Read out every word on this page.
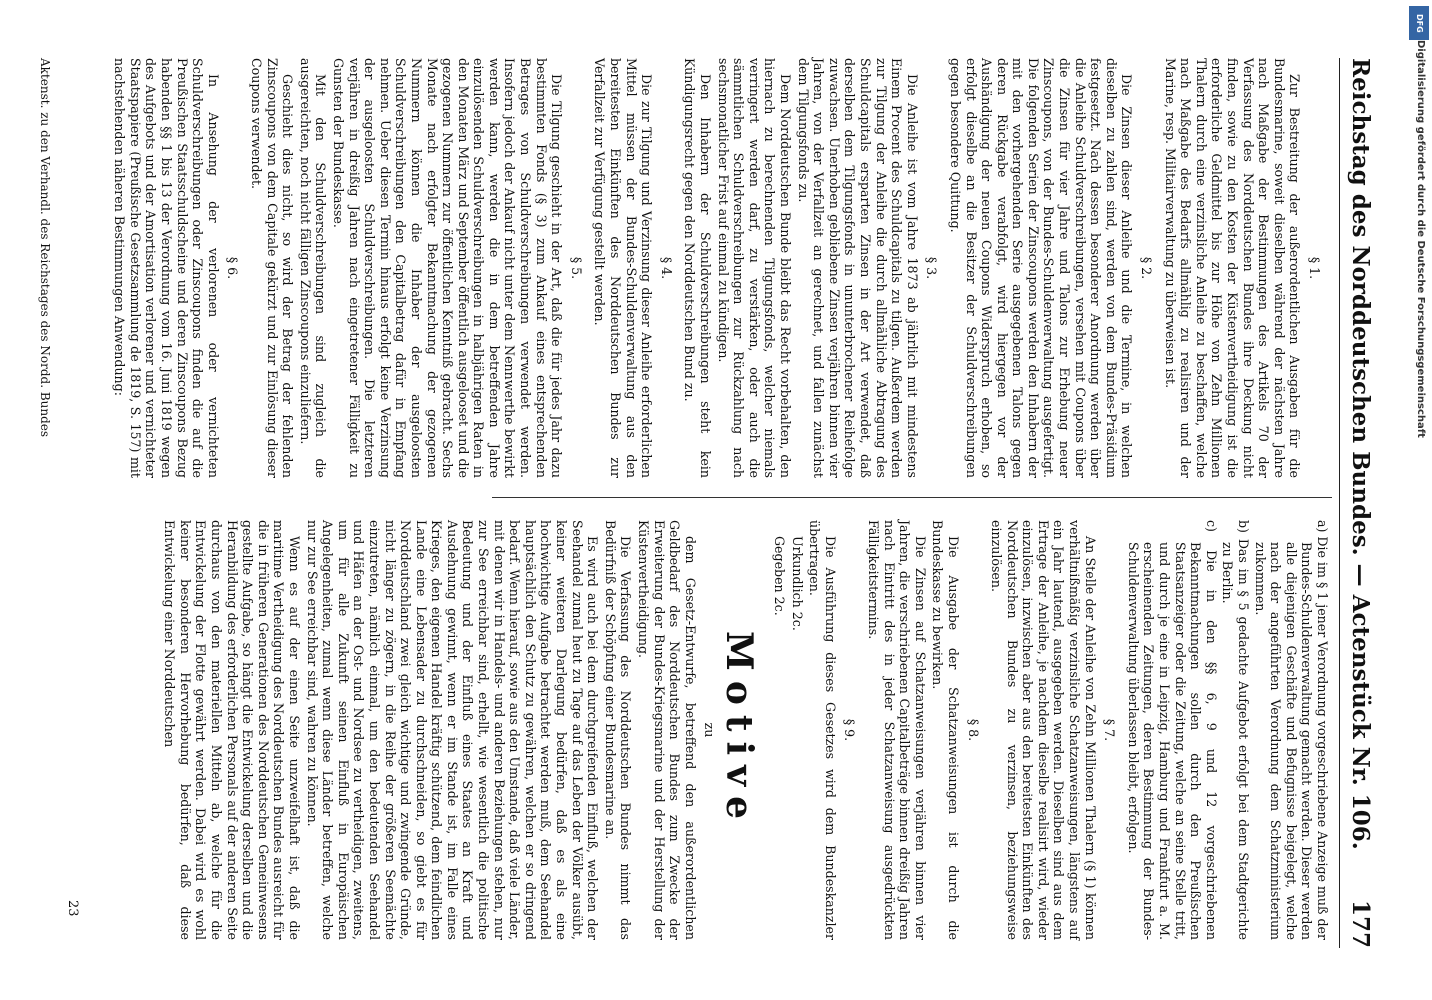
Reichstag des Norddeutschen Bundes. — Actenstück Nr. 106.
177
§ 1.
Zur Bestreitung der außerordentlichen Ausgaben für die Bundesmarine, soweit dieselben während der nächsten Jahre nach Maßgabe der Bestimmungen des Artikels 70 der Verfassung des Norddeutschen Bundes ihre Deckung nicht finden, sowie zu den Kosten der Küstenvertheidigung ist die erforderliche Geldmittel bis zur Höhe von Zehn Millionen Thalern durch eine verzinsliche Anleihe zu beschaffen, welche nach Maßgabe des Bedarfs allmählig zu realisiren und der Marine, resp. Militairverwaltung zu überweisen ist.
§ 2.
Die Zinsen dieser Anleihe und die Termine, in welchen dieselben zu zahlen sind, werden von dem Bundes-Präsidium festgesetzt. Nach dessen besonderer Anordnung werden über die Anleihe Schuldverschreibungen, versehen mit Coupons über die Zinsen für vier Jahre und Talons zur Erhebung neuer Zinscoupons, von der Bundes-Schuldenverwaltung ausgefertigt. Die folgenden Serien der Zinscoupons werden den Inhabern der mit den vorhergehenden Serie ausgegebenen Talons gegen deren Rückgabe verabfolgt, wird hiergegen vor der Aushändigung der neuen Coupons Widerspruch erhoben, so erfolgt dieselbe an die Besitzer der Schuldverschreibungen gegen besondere Quittung.
§ 3.
Die Anleihe ist vom Jahre 1873 ab jährlich mit mindestens Einem Procent des Schuldcapitals zu tilgen. Außerdem werden zur Tilgung der Anleihe die durch allmähliche Abtragung des Schuldcapitals ersparten Zinsen in der Art verwendet, daß derselben dem Tilgungsfonds in ununterbrochener Reihefolge zuwachsen. Unerhoben gebliebene Zinsen verjähren binnen vier Jahren, von der Verfallzeit an gerechnet, und fallen zunächst dem Tilgungsfonds zu.
Dem Norddeutschen Bunde bleibt das Recht vorbehalten, den hiernach zu berechnenden Tilgungsfonds, welcher niemals verringert werden darf, zu verstärken, oder auch die sämmtlichen Schuldverschreibungen zur Rückzahlung nach sechsmonatlicher Frist auf einmal zu kündigen.
Den Inhabern der Schuldverschreibungen steht kein Kündigungsrecht gegen den Norddeutschen Bund zu.
§ 4.
Die zur Tilgung und Verzinsung dieser Anleihe erforderlichen Mittel müssen der Bundes-Schuldenverwaltung aus den bereitesten Einkünften des Norddeutschen Bundes zur Verfallzeit zur Verfügung gestellt werden.
§ 5.
Die Tilgung geschieht in der Art, daß die für jedes Jahr dazu bestimmten Fonds (§ 3) zum Ankauf eines entsprechenden Betrages von Schuldverschreibungen verwendet werden. Insofern jedoch der Ankauf nicht unter dem Nennwerthe bewirkt werden kann, werden die in dem betreffenden Jahre einzulösenden Schuldverschreibungen in halbjährigen Raten in den Monaten März und September öffentlich ausgelooset und die gezogenen Nummern zur öffentlichen Kenntniß gebracht. Sechs Monate nach erfolgter Bekanntmachung der gezogenen Nummern können die Inhaber der ausgeloosten Schuldverschreibungen den Capitalbetrag dafür in Empfang nehmen. Ueber diesen Termin hinaus erfolgt keine Verzinsung der ausgeloosten Schuldverschreibungen. Die letzteren verjähren in dreißig Jahren nach eingetretener Fälligkeit zu Gunsten der Bundeskasse.
Mit den Schuldverschreibungen sind zugleich die ausgereichten, noch nicht fälligen Zinscoupons einzuliefern.
Geschieht dies nicht, so wird der Betrag der fehlenden Zinscoupons von dem Capitale gekürzt und zur Einlösung dieser Coupons verwendet.
§ 6.
In Ansehung der verlorenen oder vernichteten Schuldverschreibungen oder Zinscoupons finden die auf die Preußischen Staatsschuldscheine und deren Zinscoupons Bezug habenden §§ 1 bis 13 der Verordnung vom 16. Juni 1819 wegen des Aufgebots und der Amortisation verlorener und vernichteter Staatspapiere (Preußische Gesetzsammlung de 1819, S. 157) mit nachstehenden näheren Bestimmungen Anwendung:
a) Die im § 1 jener Verordnung vorgeschriebene Anzeige muß der Bundes-Schuldenverwaltung gemacht werden. Dieser werden alle diejenigen Geschäfte und Befugnisse beigelegt, welche nach der angeführten Verordnung dem Schatzministerium zukommen.
b) Das im § 5 gedachte Aufgebot erfolgt bei dem Stadtgerichte zu Berlin.
c) Die in den §§ 6, 9 und 12 vorgeschriebenen Bekanntmachungen sollen durch den Preußischen Staatsanzeiger oder die Zeitung, welche an seine Stelle tritt, und durch je eine in Leipzig, Hamburg und Frankfurt a. M. erscheinenden Zeitungen, deren Bestimmung der Bundes-Schuldenverwaltung überlassen bleibt, erfolgen.
§ 7.
An Stelle der Anleihe von Zehn Millionen Thalern (§ 1) können verhältnißmäßig verzinsliche Schatzanweisungen, längstens auf ein Jahr lautend, ausgegeben werden. Dieselben sind aus dem Ertrage der Anleihe, je nachdem dieselbe realisirt wird, wieder einzulösen, inzwischen aber aus den bereitesten Einkünften des Norddeutschen Bundes zu verzinsen, beziehungsweise einzulösen.
§ 8.
Die Ausgabe der Schatzanweisungen ist durch die Bundeskasse zu bewirken.
Die Zinsen auf Schatzanweisungen verjähren binnen vier Jahren, die verschriebenen Capitalbeträge binnen dreißig Jahren nach Eintritt des in jeder Schatzanweisung ausgedrückten Fälligkeitstermins.
§ 9.
Die Ausführung dieses Gesetzes wird dem Bundeskanzler übertragen.
Urkundlich 2c.
Gegeben 2c.
Motive
zu
dem Gesetz-Entwurfe, betreffend den außerordentlichen Geldbedarf des Norddeutschen Bundes zum Zwecke der Erweiterung der Bundes-Kriegsmarine und der Herstellung der Küstenvertheidigung.
Die Verfassung des Norddeutschen Bundes nimmt das Bedürfniß der Schöpfung einer Bundesmarine an.
Es wird auch bei dem durchgreifenden Einfluß, welchen der Seehandel zumal heut zu Tage auf das Leben der Völker ausübt, keiner weiteren Darlegung bedürfen, daß es als eine hochwichtige Aufgabe betrachtet werden muß, dem Seehandel hauptsächlich den Schutz zu gewähren, welchen er so dringend bedarf. Wenn hierauf, sowie aus den Umstande, daß viele Länder, mit denen wir in Handels- und anderen Beziehungen stehen, nur zur See erreichbar sind, erhellt, wie wesentlich die politische Bedeutung und der Einfluß eines Staates an Kraft und Ausdehnung gewinnt, wenn er im Stande ist, im Falle eines Krieges, den eigenen Handel kräftig schützend, dem feindlichen Lande eine Lebensader zu durchschneiden, so giebt es für Norddeutschland zwei gleich wichtige und zwingende Gründe, nicht länger zu zögern, in die Reihe der größeren Seemächte einzutreten, nämlich einmal, um den bedeutenden Seehandel und Häfen an der Ost- und Nordsee zu vertheidigen, zweitens, um für alle Zukunft seinen Einfluß in Europäischen Angelegenheiten, zumal wenn diese Länder betreffen, welche nur zur See erreichbar sind, wahren zu können.
Wenn es auf der einen Seite unzweifelhaft ist, daß die maritime Vertheidigung des Norddeutschen Bundes ausreicht für die in früheren Generationen des Norddeutschen Gemeinwesens gestellte Aufgabe, so hängt die Entwickelung derselben und die Heranbildung des erforderlichen Personals auf der anderen Seite durchaus von den materiellen Mitteln ab, welche für die Entwickelung der Flotte gewährt werden. Dabei wird es wohl keiner besonderen Hervorhebung bedürfen, daß diese Entwickelung einer Norddeutschen
Aktenst. zu den Verhandl. des Reichstages des Nordd. Bundes
23
Digitalisierung gefördert durch die Deutsche Forschungsgemeinschaft
DFG
